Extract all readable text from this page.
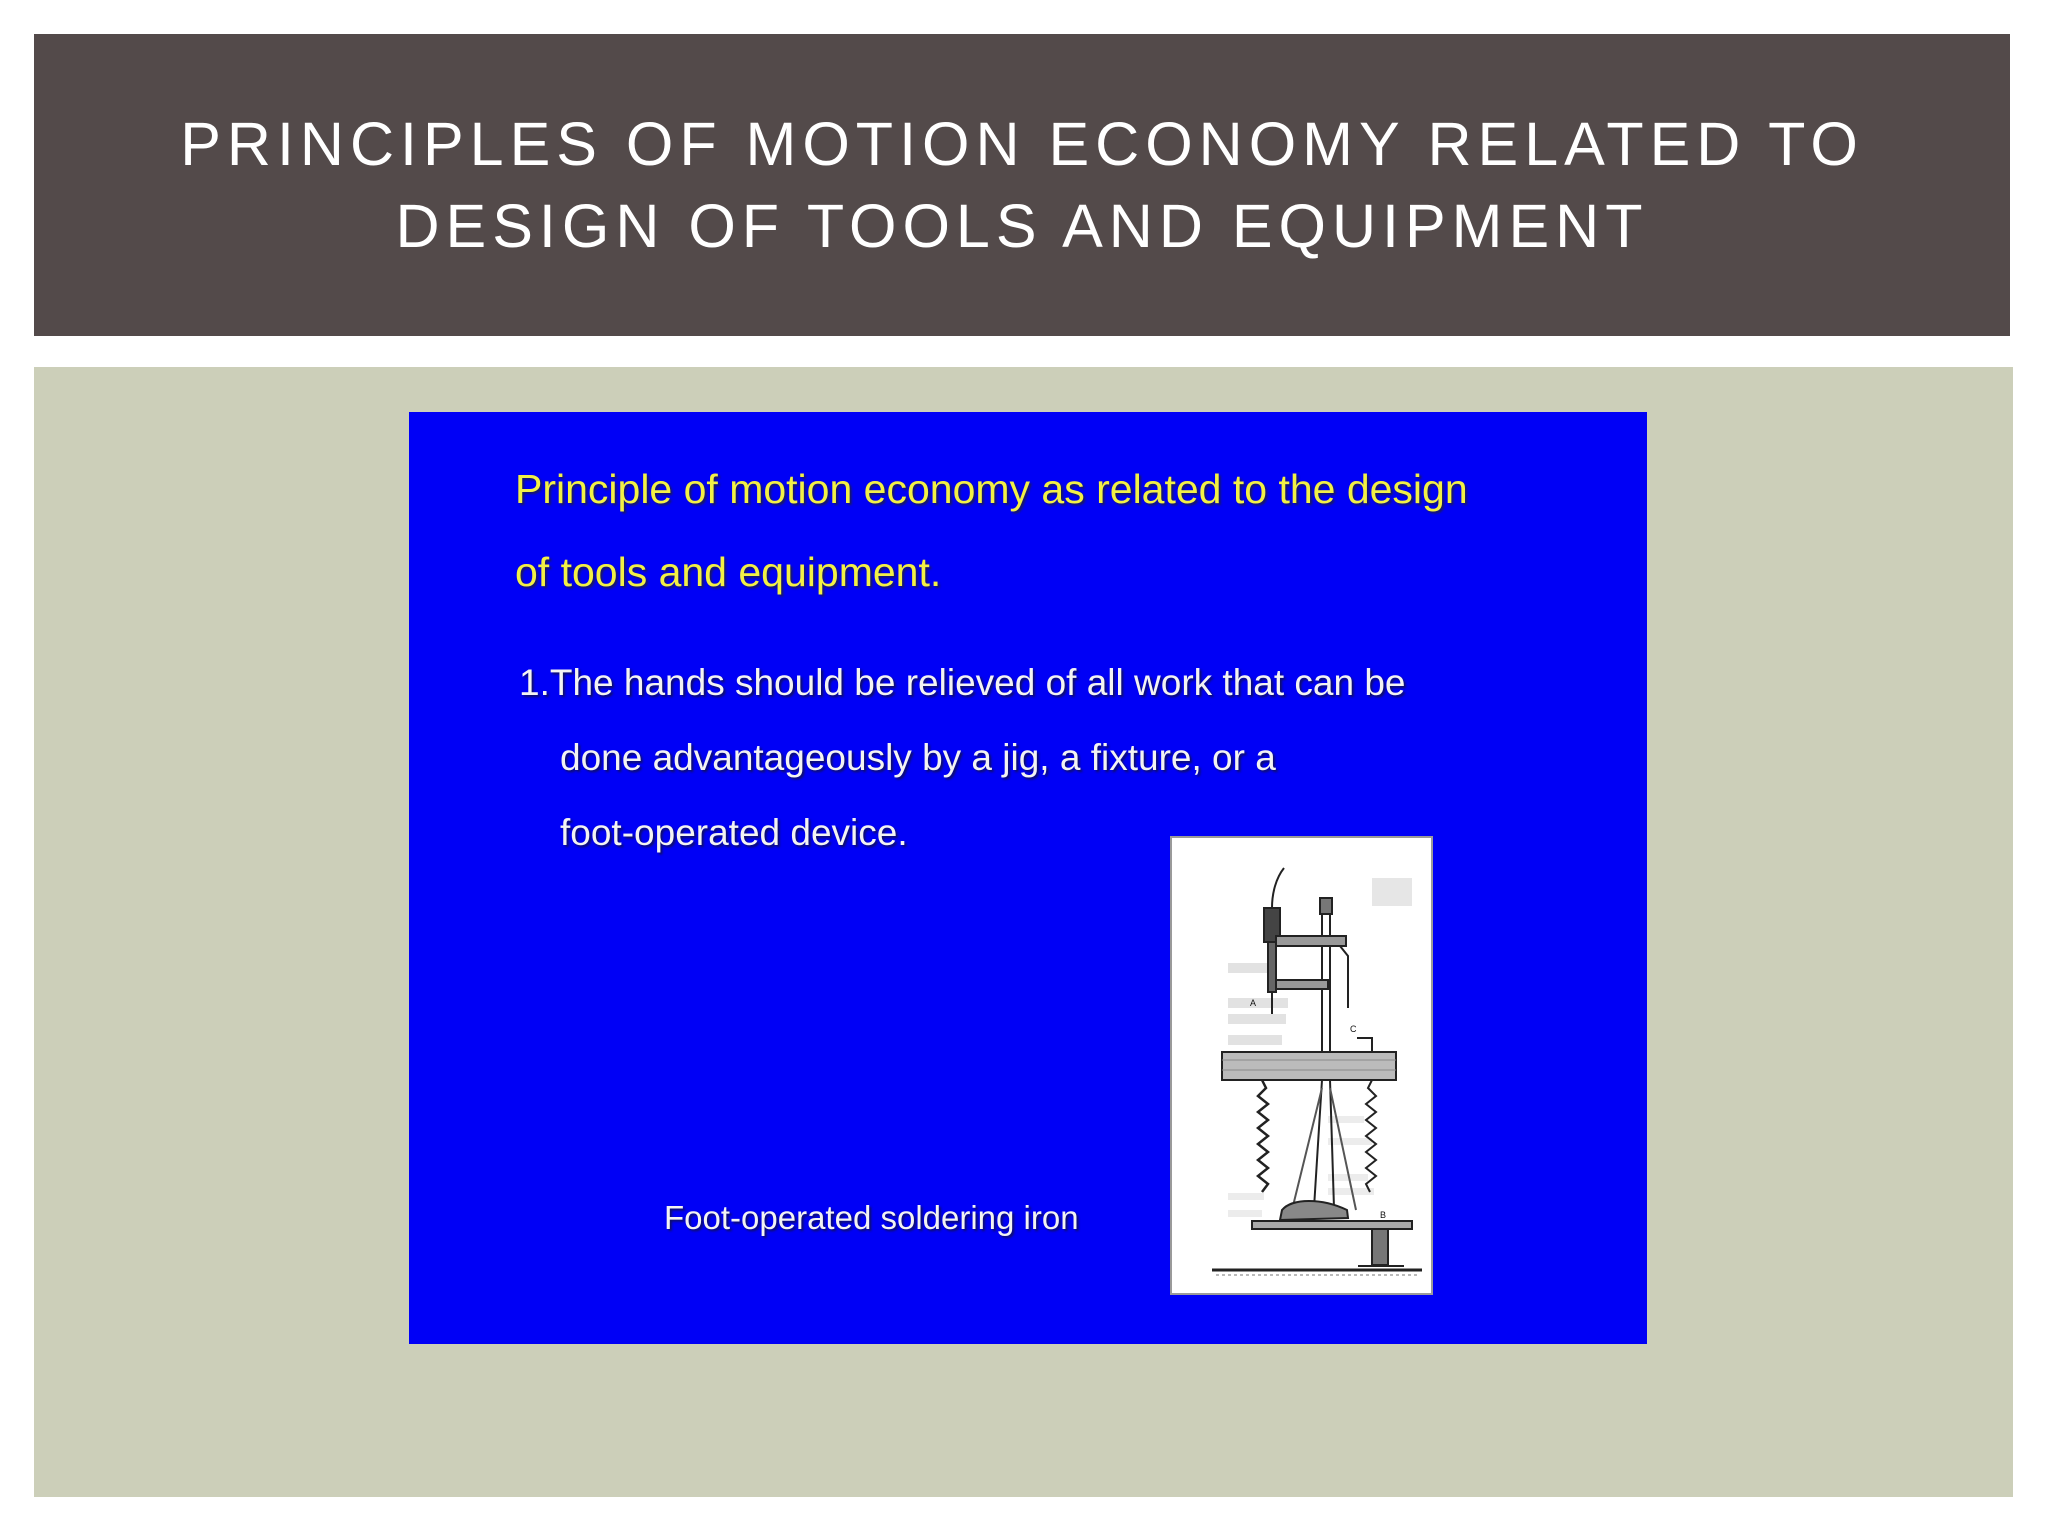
PRINCIPLES OF MOTION ECONOMY RELATED TO
DESIGN OF TOOLS AND EQUIPMENT
Principle of motion economy as related to the design
of tools and equipment.
1.The hands should be relieved of all work that can be
done advantageously by a jig, a fixture, or a
foot-operated device.
Foot-operated soldering iron
A
C
B
